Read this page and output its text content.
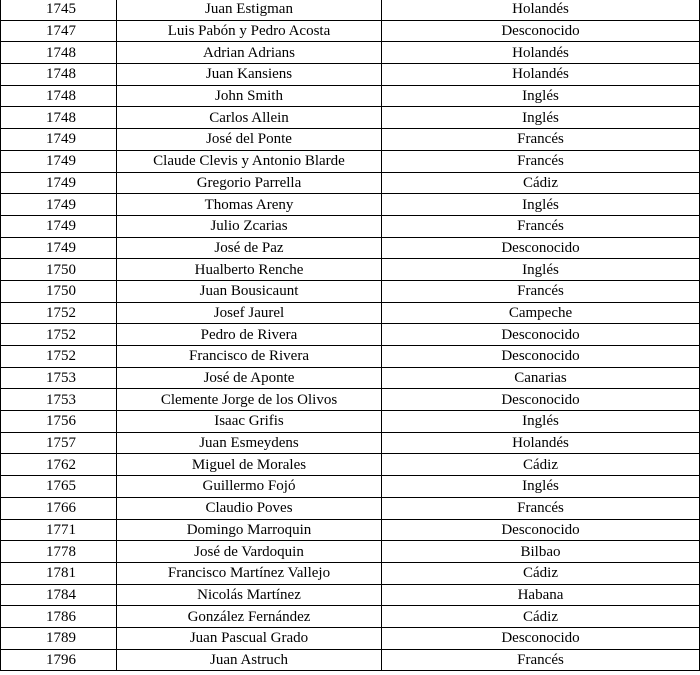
1745	Juan Estigman	Holandés
1747	Luis Pabón y Pedro Acosta	Desconocido
1748	Adrian Adrians	Holandés
1748	Juan Kansiens	Holandés
1748	John Smith	Inglés
1748	Carlos Allein	Inglés
1749	José del Ponte	Francés
1749	Claude Clevis y Antonio Blarde	Francés
1749	Gregorio Parrella	Cádiz
1749	Thomas Areny	Inglés
1749	Julio Zcarias	Francés
1749	José de Paz	Desconocido
1750	Hualberto Renche	Inglés
1750	Juan Bousicaunt	Francés
1752	Josef Jaurel	Campeche
1752	Pedro de Rivera	Desconocido
1752	Francisco de Rivera	Desconocido
1753	José de Aponte	Canarias
1753	Clemente Jorge de los Olivos	Desconocido
1756	Isaac Grifis	Inglés
1757	Juan Esmeydens	Holandés
1762	Miguel de Morales	Cádiz
1765	Guillermo Fojó	Inglés
1766	Claudio Poves	Francés
1771	Domingo Marroquin	Desconocido
1778	José de Vardoquin	Bilbao
1781	Francisco Martínez Vallejo	Cádiz
1784	Nicolás Martínez	Habana
1786	González Fernández	Cádiz
1789	Juan Pascual Grado	Desconocido
1796	Juan Astruch	Francés
